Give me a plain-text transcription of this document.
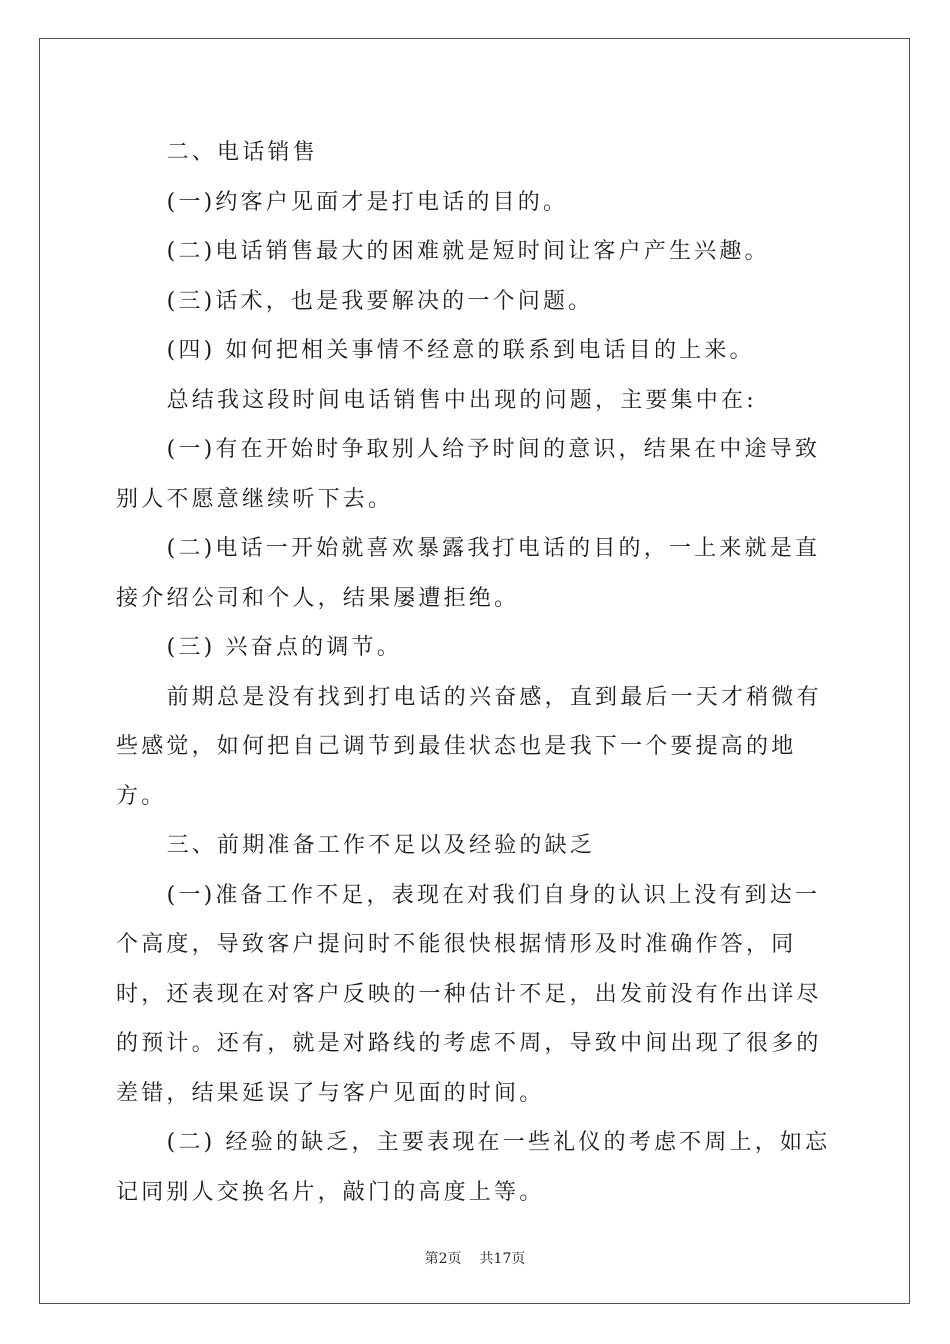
二、电话销售

(一)约客户见面才是打电话的目的。

(二)电话销售最大的困难就是短时间让客户产生兴趣。

(三)话术，也是我要解决的一个问题。

(四) 如何把相关事情不经意的联系到电话目的上来。

总结我这段时间电话销售中出现的问题，主要集中在:

(一)有在开始时争取别人给予时间的意识，结果在中途导致别人不愿意继续听下去。

(二)电话一开始就喜欢暴露我打电话的目的，一上来就是直接介绍公司和个人，结果屡遭拒绝。

(三) 兴奋点的调节。

前期总是没有找到打电话的兴奋感，直到最后一天才稍微有些感觉，如何把自己调节到最佳状态也是我下一个要提高的地方。

三、前期准备工作不足以及经验的缺乏

(一)准备工作不足，表现在对我们自身的认识上没有到达一个高度，导致客户提问时不能很快根据情形及时准确作答，同时，还表现在对客户反映的一种估计不足，出发前没有作出详尽的预计。还有，就是对路线的考虑不周，导致中间出现了很多的差错，结果延误了与客户见面的时间。

(二) 经验的缺乏，主要表现在一些礼仪的考虑不周上，如忘记同别人交换名片，敲门的高度上等。

第2页 共17页
